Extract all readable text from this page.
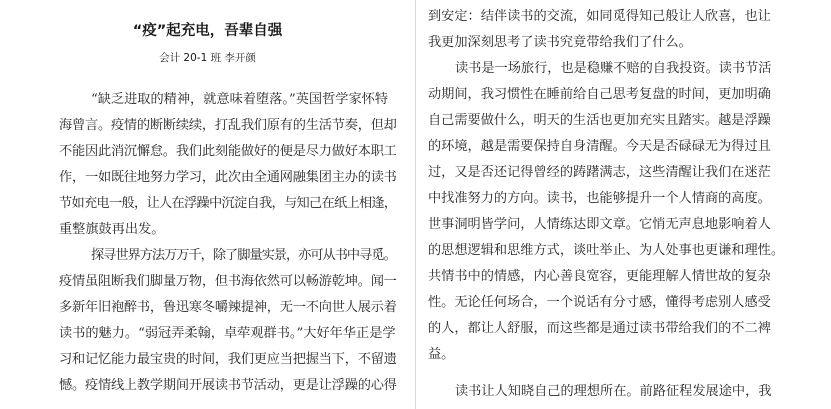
“疫”起充电，吾辈自强
会计 20-1 班 李开颜
“缺乏进取的精神，就意味着堕落。”英国哲学家怀特
海曾言。疫情的断断续续，打乱我们原有的生活节奏，但却
不能因此消沉懈怠。我们此刻能做好的便是尽力做好本职工
作，一如既往地努力学习，此次由全通网融集团主办的读书
节如充电一般，让人在浮躁中沉淀自我，与知己在纸上相逢，
重整旗鼓再出发。
探寻世界方法万万千，除了脚量实景，亦可从书中寻觅。
疫情虽阻断我们脚量万物，但书海依然可以畅游乾坤。闻一
多新年旧袍醉书，鲁迅寒冬嚼辣提神，无一不向世人展示着
读书的魅力。“弱冠弄柔翰，卓荦观群书。”大好年华正是学
习和记忆能力最宝贵的时间，我们更应当把握当下，不留遗
憾。疫情线上教学期间开展读书节活动，更是让浮躁的心得
到安定：结伴读书的交流，如同觅得知己般让人欣喜，也让
我更加深刻思考了读书究竟带给我们了什么。
读书是一场旅行，也是稳赚不赔的自我投资。读书节活
动期间，我习惯性在睡前给自己思考复盘的时间，更加明确
自己需要做什么，明天的生活也更加充实且踏实。越是浮躁
的环境，越是需要保持自身清醒。今天是否碌碌无为得过且
过，又是否还记得曾经的踌躇满志，这些清醒让我们在迷茫
中找准努力的方向。读书，也能够提升一个人情商的高度。
世事洞明皆学问，人情练达即文章。它悄无声息地影响着人
的思想逻辑和思维方式，谈吐举止、为人处事也更谦和理性。
共情书中的情感，内心善良宽容，更能理解人情世故的复杂
性。无论任何场合，一个说话有分寸感，懂得考虑别人感受
的人，都让人舒服，而这些都是通过读书带给我们的不二裨
益。
读书让人知晓自己的理想所在。前路征程发展途中，我
